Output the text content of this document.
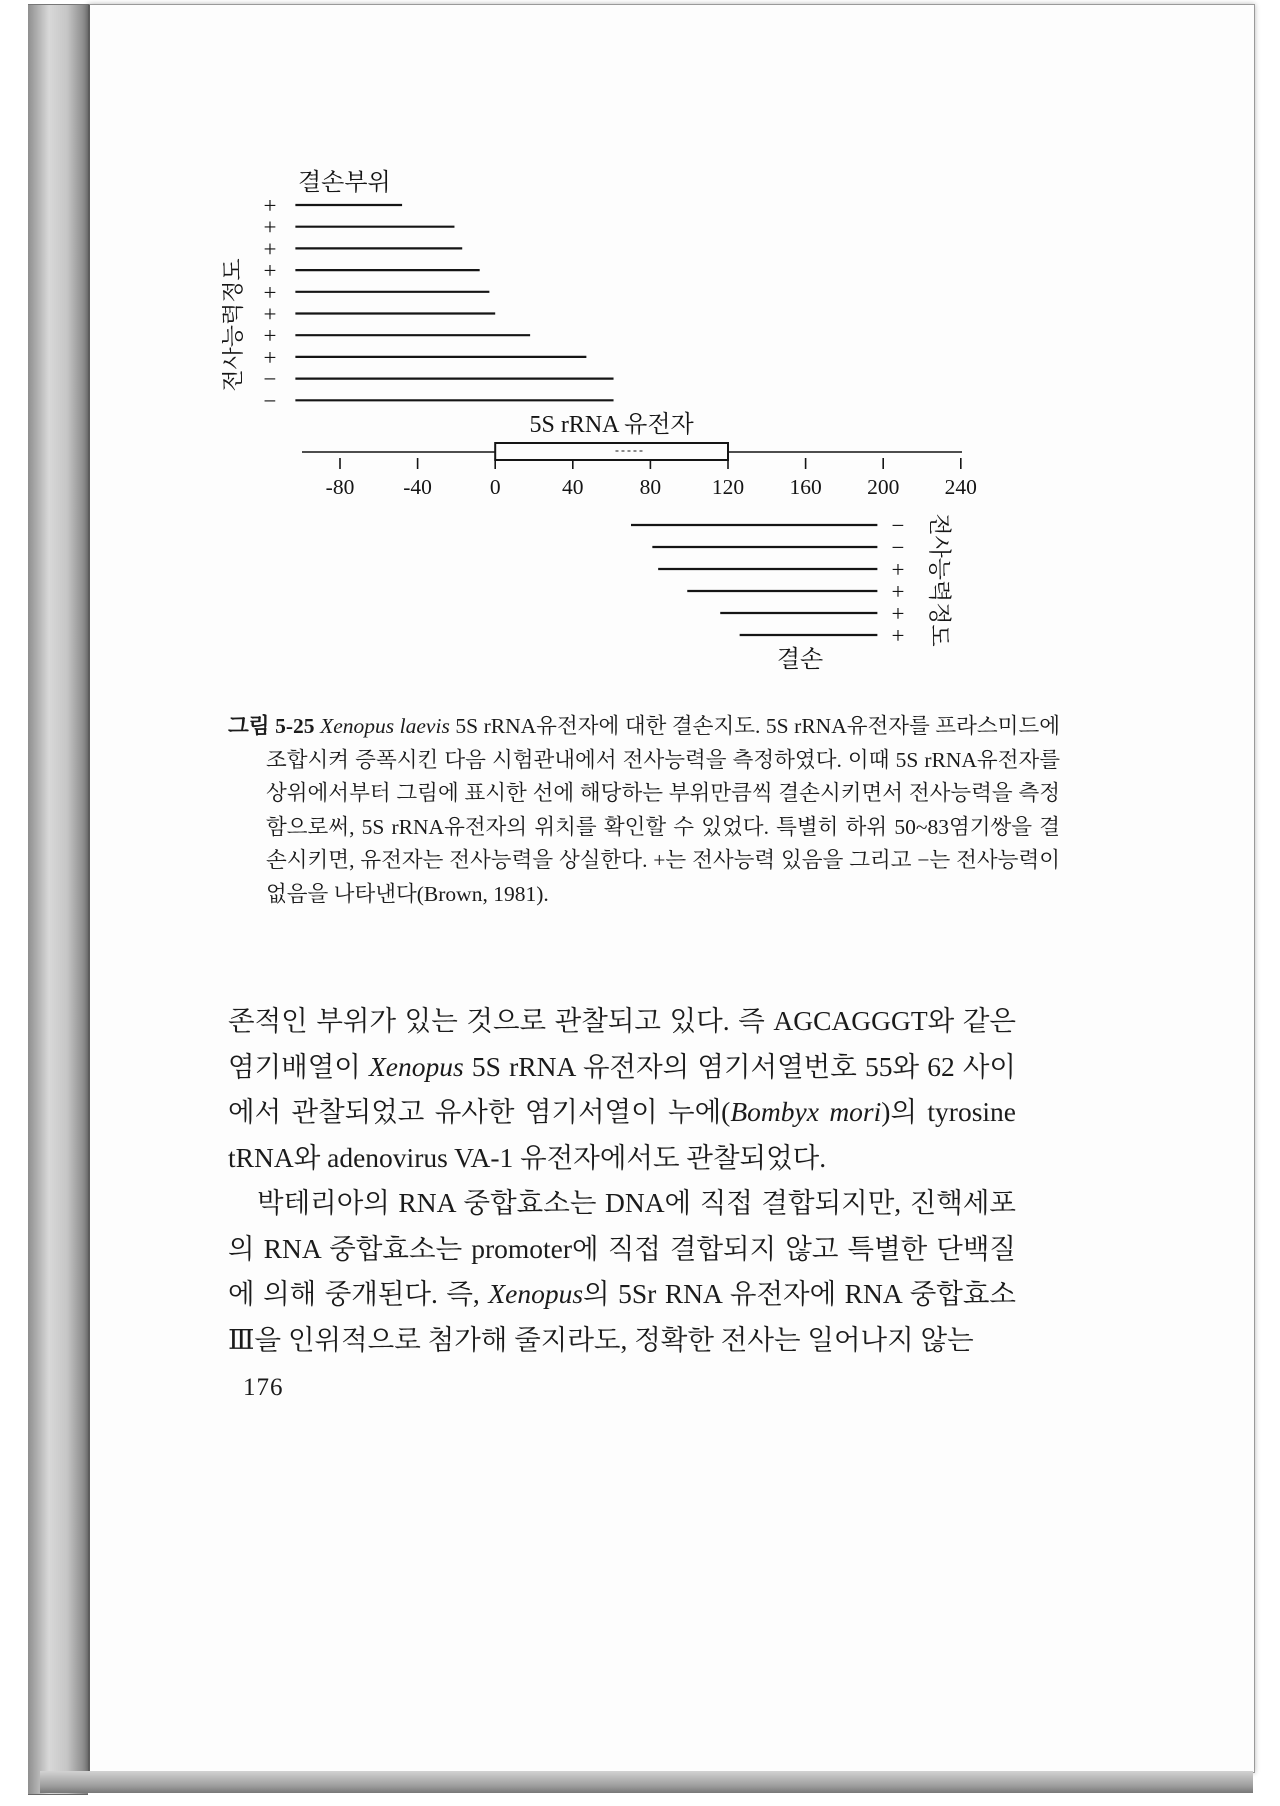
결손부위
전사능력정도
+
+
+
+
+
+
+
+
−
−
-80 -40	0	40	80 120 160 200 240
5S rRNA 유전자
−
−
+
+
+
+ 전사능력정도
결손
그림 5-25 Xenopus laevis 5S rRNA유전자에 대한 결손지도. 5S rRNA유전자를 프라스미드에 조합시켜 증폭시킨 다음 시험관내에서 전사능력을 측정하였다. 이때 5S rRNA유전자를 상위에서부터 그림에 표시한 선에 해당하는 부위만큼씩 결손시키면서 전사능력을 측정함으로써, 5S rRNA유전자의 위치를 확인할 수 있었다. 특별히 하위 50~83염기쌍을 결손시키면, 유전자는 전사능력을 상실한다. +는 전사능력 있음을 그리고 −는 전사능력이 없음을 나타낸다(Brown, 1981).

존적인 부위가 있는 것으로 관찰되고 있다. 즉 AGCAGGGT와 같은 염기배열이 Xenopus 5S rRNA 유전자의 염기서열번호 55와 62 사이에서 관찰되었고 유사한 염기서열이 누에(Bombyx mori)의 tyrosine tRNA와 adenovirus VA-1 유전자에서도 관찰되었다.

박테리아의 RNA 중합효소는 DNA에 직접 결합되지만, 진핵세포의 RNA 중합효소는 promoter에 직접 결합되지 않고 특별한 단백질에 의해 중개된다. 즉, Xenopus의 5Sr RNA 유전자에 RNA 중합효소 Ⅲ을 인위적으로 첨가해 줄지라도, 정확한 전사는 일어나지 않는

176
